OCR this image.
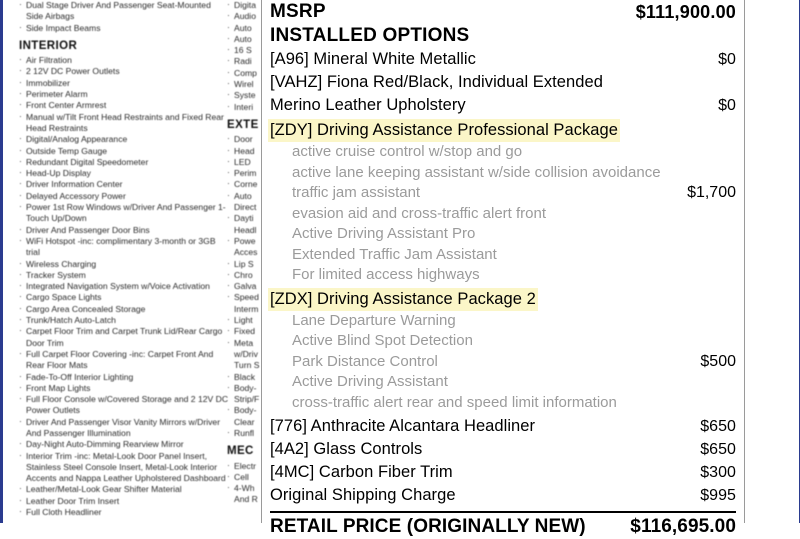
· Dual Stage Driver And Passenger Seat-Mounted Side Airbags
· Side Impact Beams
INTERIOR
· Air Filtration
· 2 12V DC Power Outlets
· Immobilizer
· Perimeter Alarm
· Front Center Armrest
· Manual w/Tilt Front Head Restraints and Fixed Rear Head Restraints
· Digital/Analog Appearance
· Outside Temp Gauge
· Redundant Digital Speedometer
· Head-Up Display
· Driver Information Center
· Delayed Accessory Power
· Power 1st Row Windows w/Driver And Passenger 1-Touch Up/Down
· Driver And Passenger Door Bins
· WiFi Hotspot -inc: complimentary 3-month or 3GB trial
· Wireless Charging
· Tracker System
· Integrated Navigation System w/Voice Activation
· Cargo Space Lights
· Cargo Area Concealed Storage
· Trunk/Hatch Auto-Latch
· Carpet Floor Trim and Carpet Trunk Lid/Rear Cargo Door Trim
· Full Carpet Floor Covering -inc: Carpet Front And Rear Floor Mats
· Fade-To-Off Interior Lighting
· Front Map Lights
· Full Floor Console w/Covered Storage and 2 12V DC Power Outlets
· Driver And Passenger Visor Vanity Mirrors w/Driver And Passenger Illumination
· Day-Night Auto-Dimming Rearview Mirror
· Interior Trim -inc: Metal-Look Door Panel Insert, Stainless Steel Console Insert, Metal-Look Interior Accents and Nappa Leather Upholstered Dashboard
· Leather/Metal-Look Gear Shifter Material
· Leather Door Trim Insert
· Full Cloth Headliner
· Digita
· Audio
· Auto
· Auto
· 16 S
· Radi
· Comp
· Wirel
· Syste
· Interi
EXTE
· Door
· Head
· LED
· Perim
· Corne
· Auto
Direct
· Dayti
Headl
· Powe
Acces
· Lip S
· Chro
· Galva
· Speed
Interm
· Light
· Fixed
· Meta
w/Driv
Turn S
· Black
· Body-
Strip/F
· Body-
Clear
· Runfl
MEC
· Electr
· Cell
· 4-Wh
And R
MSRP	$111,900.00
INSTALLED OPTIONS
[A96] Mineral White Metallic	$0
[VAHZ] Fiona Red/Black, Individual Extended

Merino Leather Upholstery	$0
[ZDY] Driving Assistance Professional Package

active cruise control w/stop and go

active lane keeping assistant w/side collision avoidance

traffic jam assistant	$1,700
evasion aid and cross-traffic alert front

Active Driving Assistant Pro

Extended Traffic Jam Assistant

For limited access highways

[ZDX] Driving Assistance Package 2

Lane Departure Warning

Active Blind Spot Detection

Park Distance Control	$500
Active Driving Assistant

cross-traffic alert rear and speed limit information

[776] Anthracite Alcantara Headliner	$650
[4A2] Glass Controls	$650
[4MC] Carbon Fiber Trim	$300
Original Shipping Charge	$995
RETAIL PRICE (ORIGINALLY NEW)	$116,695.00
